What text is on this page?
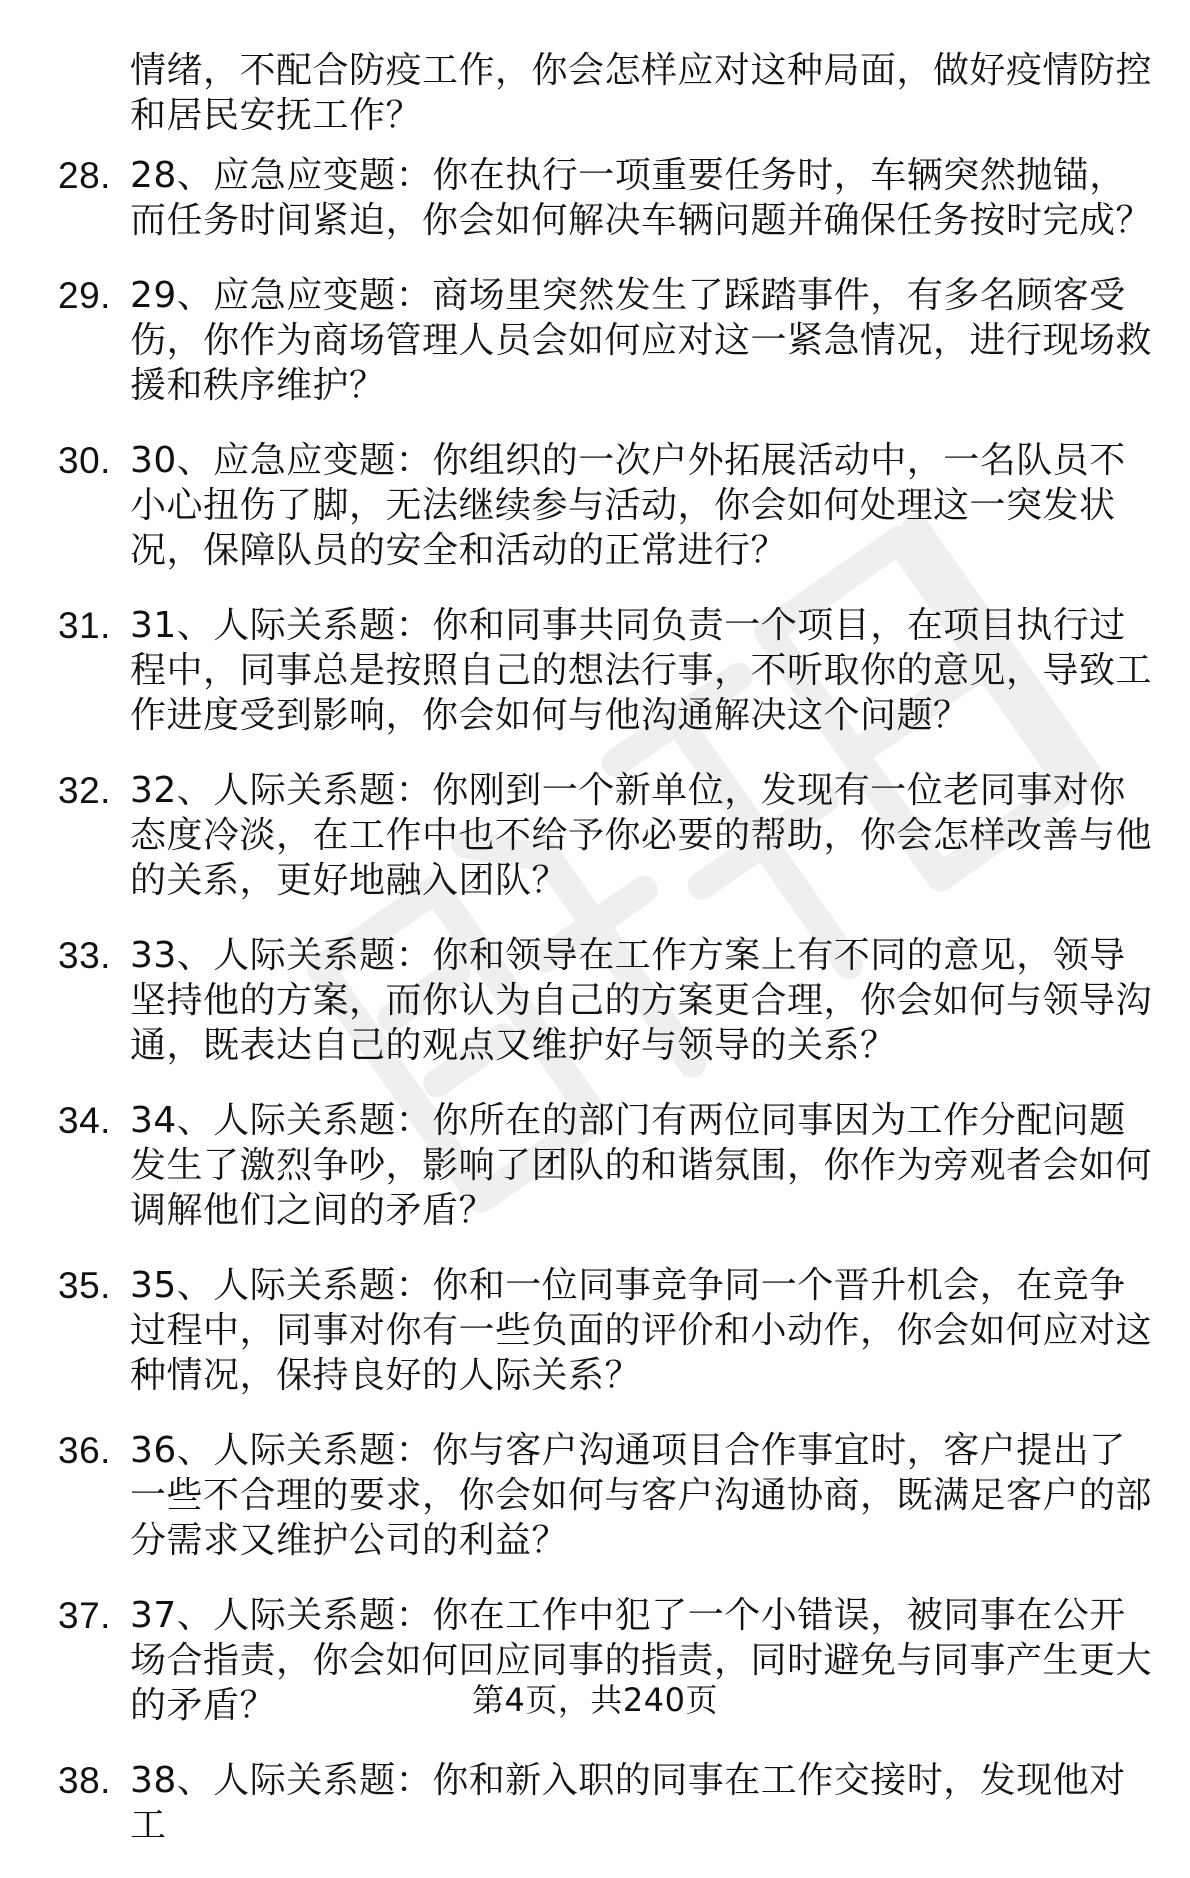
情绪，不配合防疫工作，你会怎样应对这种局面，做好疫情防控和居民安抚工作？

28. 28、应急应变题：你在执行一项重要任务时，车辆突然抛锚，而任务时间紧迫，你会如何解决车辆问题并确保任务按时完成？
29. 29、应急应变题：商场里突然发生了踩踏事件，有多名顾客受伤，你作为商场管理人员会如何应对这一紧急情况，进行现场救援和秩序维护？
30. 30、应急应变题：你组织的一次户外拓展活动中，一名队员不小心扭伤了脚，无法继续参与活动，你会如何处理这一突发状况，保障队员的安全和活动的正常进行？
31. 31、人际关系题：你和同事共同负责一个项目，在项目执行过程中，同事总是按照自己的想法行事，不听取你的意见，导致工作进度受到影响，你会如何与他沟通解决这个问题？
32. 32、人际关系题：你刚到一个新单位，发现有一位老同事对你态度冷淡，在工作中也不给予你必要的帮助，你会怎样改善与他的关系，更好地融入团队？
33. 33、人际关系题：你和领导在工作方案上有不同的意见，领导坚持他的方案，而你认为自己的方案更合理，你会如何与领导沟通，既表达自己的观点又维护好与领导的关系？
34. 34、人际关系题：你所在的部门有两位同事因为工作分配问题发生了激烈争吵，影响了团队的和谐氛围，你作为旁观者会如何调解他们之间的矛盾？
35. 35、人际关系题：你和一位同事竞争同一个晋升机会，在竞争过程中，同事对你有一些负面的评价和小动作，你会如何应对这种情况，保持良好的人际关系？
36. 36、人际关系题：你与客户沟通项目合作事宜时，客户提出了一些不合理的要求，你会如何与客户沟通协商，既满足客户的部分需求又维护公司的利益？
37. 37、人际关系题：你在工作中犯了一个小错误，被同事在公开场合指责，你会如何回应同事的指责，同时避免与同事产生更大的矛盾？
38. 38、人际关系题：你和新入职的同事在工作交接时，发现他对工
第4页，共240页
